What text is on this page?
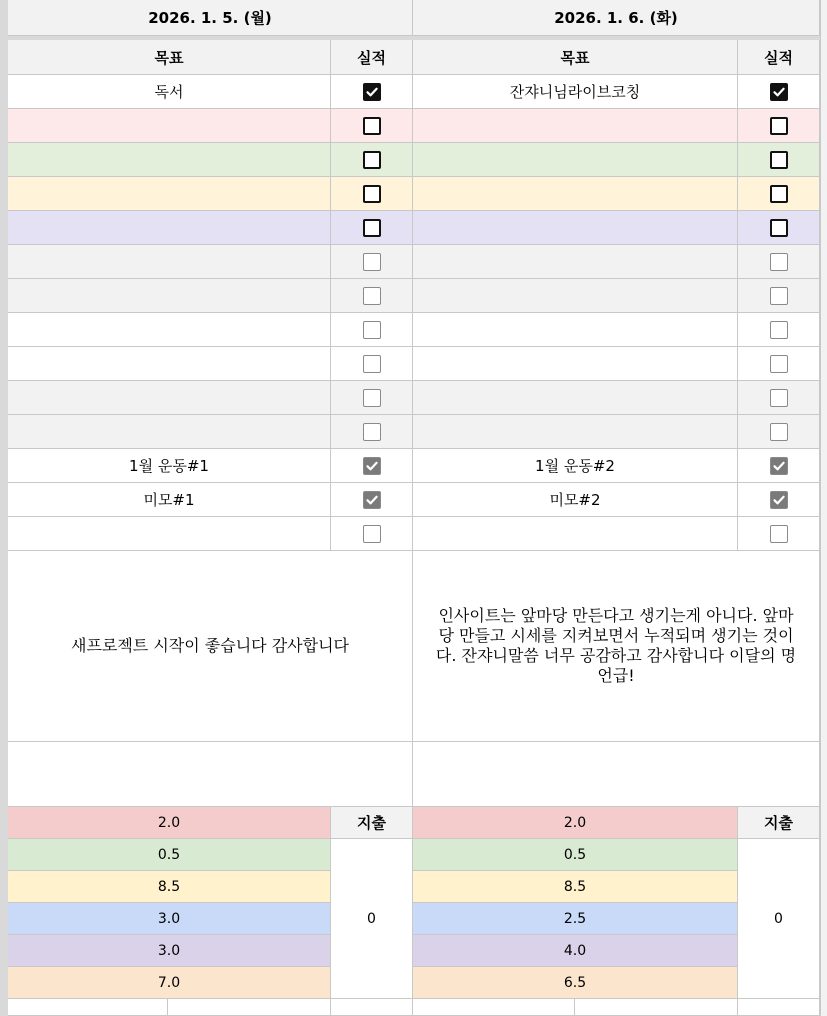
2026. 1. 5. (월)
목표	실적
독서
1월 운동#1
미모#1
새프로젝트 시작이 좋습니다 감사합니다
2.0
0.5
8.5
3.0
3.0
7.0
지출
0
2026. 1. 6. (화)
목표	실적
잔쟈니님라이브코칭
1월 운동#2
미모#2
인사이트는 앞마당 만든다고 생기는게 아니다. 앞마당 만들고 시세를 지켜보면서 누적되며 생기는 것이다. 잔쟈니말씀 너무 공감하고 감사합니다 이달의 명언급!
2.0
0.5
8.5
2.5
4.0
6.5
지출
0
